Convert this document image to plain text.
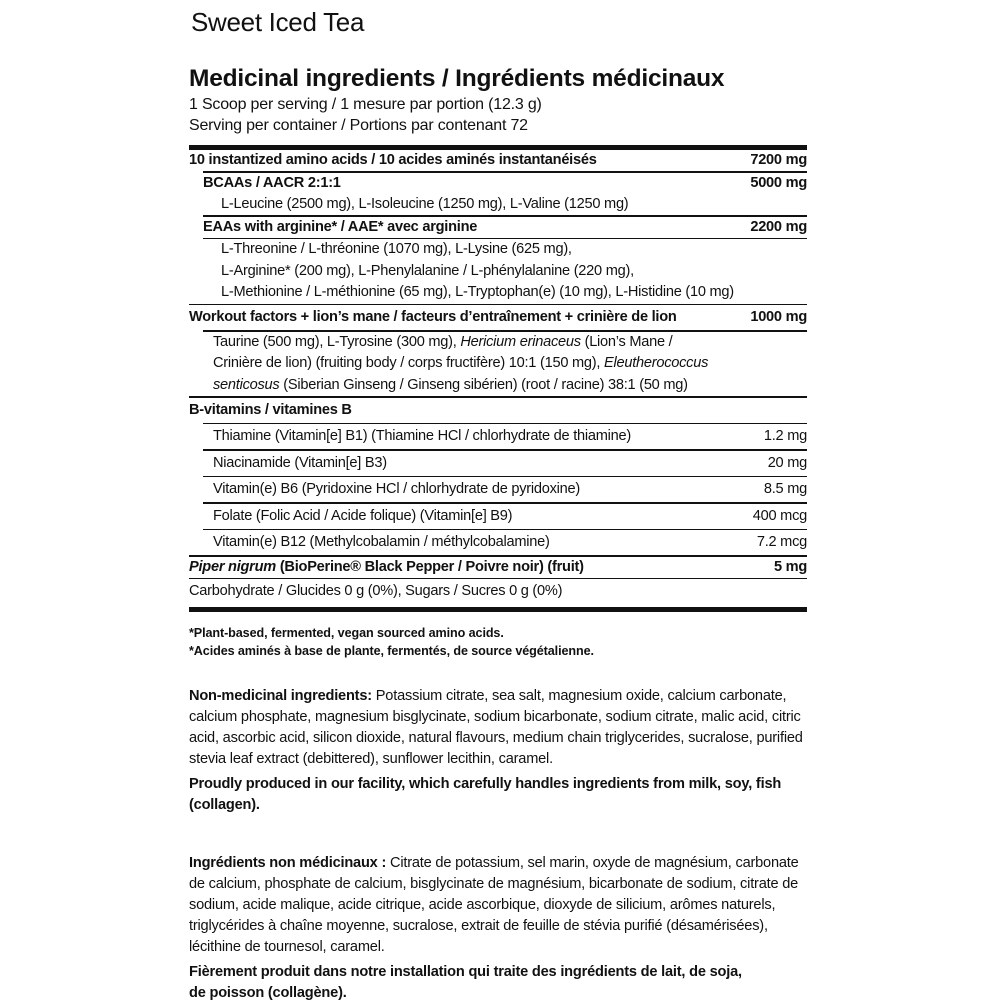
Sweet Iced Tea
Medicinal ingredients / Ingrédients médicinaux
1 Scoop per serving / 1 mesure par portion (12.3 g)
Serving per container / Portions par contenant 72
10 instantized amino acids / 10 acides aminés instantanéisés	7200 mg
BCAAs / AACR 2:1:1	5000 mg
L-Leucine (2500 mg), L-Isoleucine (1250 mg), L-Valine (1250 mg)
EAAs with arginine* / AAE* avec arginine	2200 mg
L-Threonine / L-thréonine (1070 mg), L-Lysine (625 mg),
L-Arginine* (200 mg), L-Phenylalanine / L-phénylalanine (220 mg),
L-Methionine / L-méthionine (65 mg), L-Tryptophan(e) (10 mg), L-Histidine (10 mg)
Workout factors + lion’s mane / facteurs d’entraînement + crinière de lion	1000 mg
Taurine (500 mg), L-Tyrosine (300 mg), Hericium erinaceus (Lion’s Mane /
Crinière de lion) (fruiting body / corps fructifère) 10:1 (150 mg), Eleutherococcus
senticosus (Siberian Ginseng / Ginseng sibérien) (root / racine) 38:1 (50 mg)
B-vitamins / vitamines B
Thiamine (Vitamin[e] B1) (Thiamine HCl / chlorhydrate de thiamine)	1.2 mg
Niacinamide (Vitamin[e] B3)	20 mg
Vitamin(e) B6 (Pyridoxine HCl / chlorhydrate de pyridoxine)	8.5 mg
Folate (Folic Acid / Acide folique) (Vitamin[e] B9)	400 mcg
Vitamin(e) B12 (Methylcobalamin / méthylcobalamine)	7.2 mcg
Piper nigrum (BioPerine® Black Pepper / Poivre noir) (fruit)	5 mg
Carbohydrate / Glucides 0 g (0%), Sugars / Sucres 0 g (0%)
*Plant-based, fermented, vegan sourced amino acids.
*Acides aminés à base de plante, fermentés, de source végétalienne.

Non-medicinal ingredients: Potassium citrate, sea salt, magnesium oxide, calcium carbonate, calcium phosphate, magnesium bisglycinate, sodium bicarbonate, sodium citrate, malic acid, citric acid, ascorbic acid, silicon dioxide, natural flavours, medium chain triglycerides, sucralose, purified stevia leaf extract (debittered), sunflower lecithin, caramel.

Proudly produced in our facility, which carefully handles ingredients from milk, soy, fish (collagen).

Ingrédients non médicinaux : Citrate de potassium, sel marin, oxyde de magnésium, carbonate de calcium, phosphate de calcium, bisglycinate de magnésium, bicarbonate de sodium, citrate de sodium, acide malique, acide citrique, acide ascorbique, dioxyde de silicium, arômes naturels, triglycérides à chaîne moyenne, sucralose, extrait de feuille de stévia purifié (désamérisées), lécithine de tournesol, caramel.

Fièrement produit dans notre installation qui traite des ingrédients de lait, de soja,
de poisson (collagène).
